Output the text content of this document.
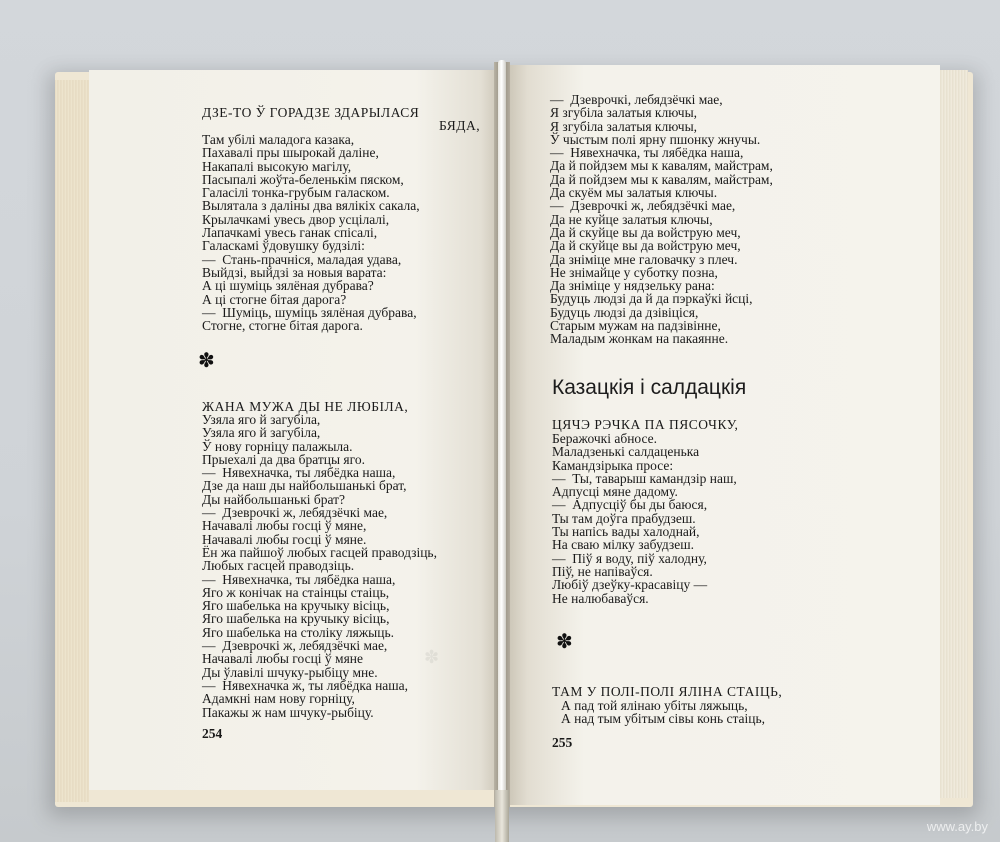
ДЗЕ-ТО Ў ГОРАДЗЕ ЗДАРЫЛАСЯ
БЯДА,
Там убілі маладога казака,
Пахавалі пры шырокай даліне,
Накапалі высокую магілу,
Пасыпалі жоўта-беленькім пяском,
Галасілі тонка-грубым галаском.
Вылятала з даліны два вялікіх сакала,
Крылачкамі увесь двор усцілалі,
Лапачкамі увесь ганак спісалі,
Галаскамі ўдовушку будзілі:
—  Стань-прачніся, маладая удава,
Выйдзі, выйдзі за новыя варата:
А ці шуміць зялёная дубрава?
А ці стогне бітая дарога?
—  Шуміць, шуміць зялёная дубрава,
Стогне, стогне бітая дарога.
✽
ЖАНА МУЖА ДЫ НЕ ЛЮБІЛА,
Узяла яго й загубіла,
Узяла яго й загубіла,
Ў нову горніцу палажыла.
Прыехалі да два братцы яго.
—  Нявехначка, ты лябёдка наша,
Дзе да наш ды найбольшанькі брат,
Ды найбольшанькі брат?
—  Дзеврочкі ж, лебядзёчкі мае,
Начавалі любы госці ў мяне,
Начавалі любы госці ў мяне.
Ён жа пайшоў любых гасцей праводзіць,
Любых гасцей праводзіць.
—  Нявехначка, ты лябёдка наша,
Яго ж конічак на стаінцы стаіць,
Яго шабелька на кручыку вісіць,
Яго шабелька на кручыку вісіць,
Яго шабелька на століку ляжыць.
—  Дзеврочкі ж, лебядзёчкі мае,
Начавалі любы госці ў мяне
Ды ўлавілі шчуку-рыбіцу мне.
—  Нявехначка ж, ты лябёдка наша,
Адамкні нам нову горніцу,
Пакажы ж нам шчуку-рыбіцу.
✽
254
—  Дзеврочкі, лебядзёчкі мае,
Я згубіла залатыя ключы,
Я згубіла залатыя ключы,
Ў чыстым полі ярну пшонку жнучы.
—  Нявехначка, ты лябёдка наша,
Да й пойдзем мы к кавалям, майстрам,
Да й пойдзем мы к кавалям, майстрам,
Да скуём мы залатыя ключы.
—  Дзеврочкі ж, лебядзёчкі мае,
Да не куйце залатыя ключы,
Да й скуйце вы да войструю меч,
Да й скуйце вы да войструю меч,
Да зніміце мне галовачку з плеч.
Не знімайце у суботку позна,
Да зніміце у нядзельку рана:
Будуць людзі да й да пэркаўкі йсці,
Будуць людзі да дзівіціся,
Старым мужам на падзівінне,
Маладым жонкам на пакаянне.
Казацкія і салдацкія
ЦЯЧЭ РЭЧКА ПА ПЯСОЧКУ,
Беражочкі абносе.
Маладзенькі салдаценька
Камандзірыка просе:
—  Ты, таварыш камандзір наш,
Адпусці мяне дадому.
—  Адпусціў бы ды баюся,
Ты там доўга прабудзеш.
Ты напісь вады халоднай,
На сваю мілку забудзеш.
—  Піў я воду, піў халодну,
Піў, не напіваўся.
Любіў дзеўку-красавіцу —
Не налюбаваўся.
✽
ТАМ У ПОЛІ-ПОЛІ ЯЛІНА СТАІЦЬ,
А пад той ялінаю убіты ляжыць,
А над тым убітым сівы конь стаіць,
255
www.ay.by
